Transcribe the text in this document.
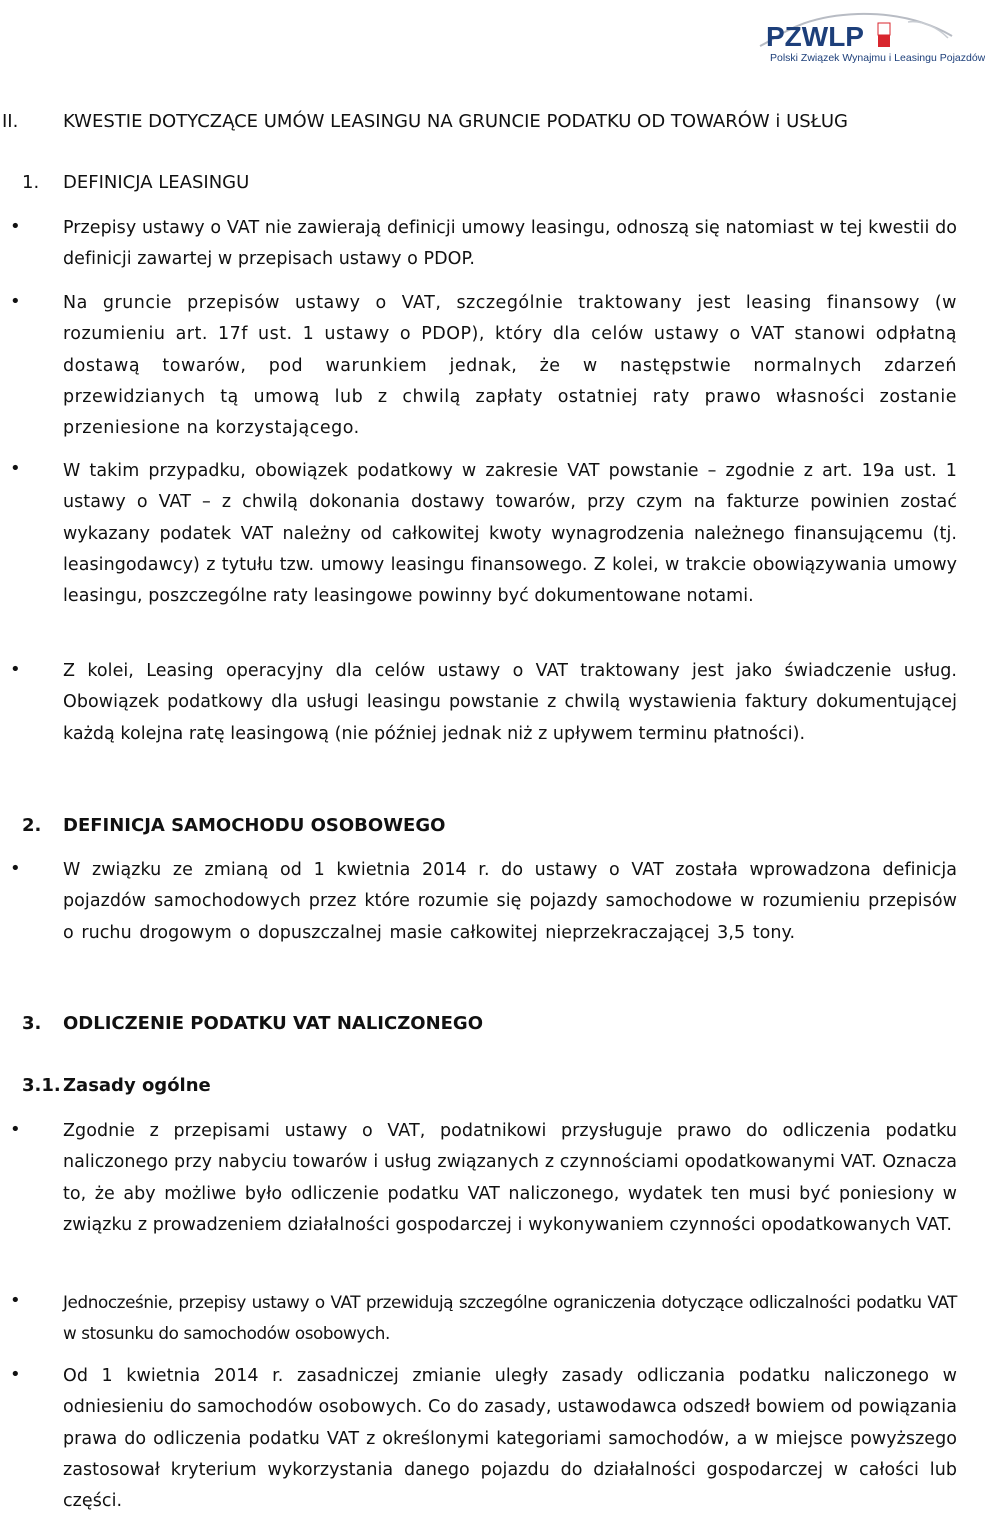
PZWLP
Polski Związek Wynajmu i Leasingu Pojazdów
II. KWESTIE DOTYCZĄCE UMÓW LEASINGU NA GRUNCIE PODATKU OD TOWARÓW i USŁUG
1. DEFINICJA LEASINGU
• Przepisy ustawy o VAT nie zawierają definicji umowy leasingu, odnoszą się natomiast w tej kwestii do definicji zawartej w przepisach ustawy o PDOP.
• Na gruncie przepisów ustawy o VAT, szczególnie traktowany jest leasing finansowy (w rozumieniu art. 17f ust. 1 ustawy o PDOP), który dla celów ustawy o VAT stanowi odpłatną dostawą towarów, pod warunkiem jednak, że w następstwie normalnych zdarzeń przewidzianych tą umową lub z chwilą zapłaty ostatniej raty prawo własności zostanie przeniesione na korzystającego.
• W takim przypadku, obowiązek podatkowy w zakresie VAT powstanie – zgodnie z art. 19a ust. 1 ustawy o VAT – z chwilą dokonania dostawy towarów, przy czym na fakturze powinien zostać wykazany podatek VAT należny od całkowitej kwoty wynagrodzenia należnego finansującemu (tj. leasingodawcy) z tytułu tzw. umowy leasingu finansowego. Z kolei, w trakcie obowiązywania umowy leasingu, poszczególne raty leasingowe powinny być dokumentowane notami.
• Z kolei, Leasing operacyjny dla celów ustawy o VAT traktowany jest jako świadczenie usług. Obowiązek podatkowy dla usługi leasingu powstanie z chwilą wystawienia faktury dokumentującej każdą kolejna ratę leasingową (nie później jednak niż z upływem terminu płatności).
2. DEFINICJA SAMOCHODU OSOBOWEGO
• W związku ze zmianą od 1 kwietnia 2014 r. do ustawy o VAT została wprowadzona definicja pojazdów samochodowych przez które rozumie się pojazdy samochodowe w rozumieniu przepisów o ruchu drogowym o dopuszczalnej masie całkowitej nieprzekraczającej 3,5 tony.
3. ODLICZENIE PODATKU VAT NALICZONEGO
3.1. Zasady ogólne
• Zgodnie z przepisami ustawy o VAT, podatnikowi przysługuje prawo do odliczenia podatku naliczonego przy nabyciu towarów i usług związanych z czynnościami opodatkowanymi VAT. Oznacza to, że aby możliwe było odliczenie podatku VAT naliczonego, wydatek ten musi być poniesiony w związku z prowadzeniem działalności gospodarczej i wykonywaniem czynności opodatkowanych VAT.
•	Jednocześnie, przepisy ustawy o VAT przewidują szczególne ograniczenia dotyczące odliczalności podatku VAT w stosunku do samochodów osobowych.
• Od 1 kwietnia 2014 r. zasadniczej zmianie uległy zasady odliczania podatku naliczonego w odniesieniu do samochodów osobowych. Co do zasady, ustawodawca odszedł bowiem od powiązania prawa do odliczenia podatku VAT z określonymi kategoriami samochodów, a w miejsce powyższego zastosował kryterium wykorzystania danego pojazdu do działalności gospodarczej w całości lub części.
